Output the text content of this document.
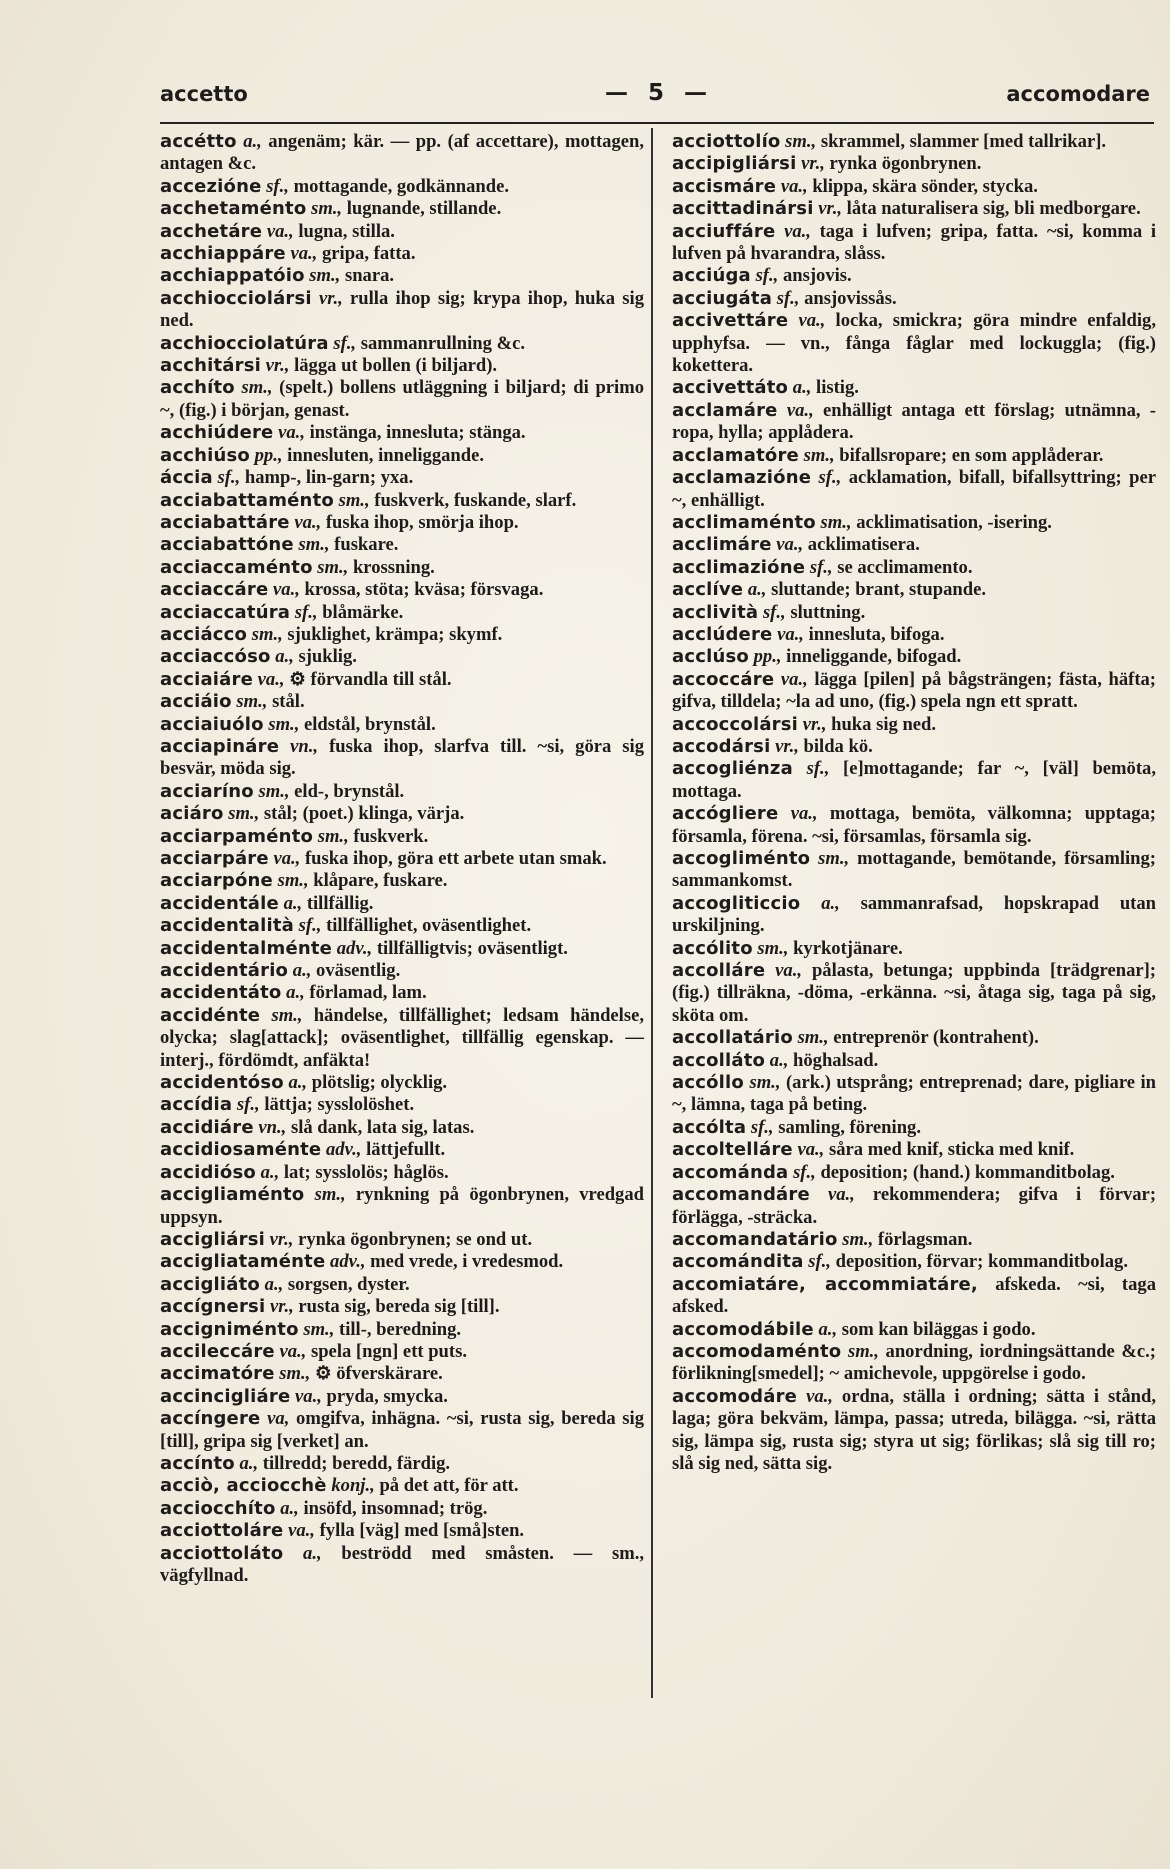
accetto	— 5 —	accomodare

accétto a., angenäm; kär. — pp. (af accettare), mottagen, antagen &c.

accezióne sf., mottagande, godkännande.

acchetaménto sm., lugnande, stillande.

acchetáre va., lugna, stilla.

acchiappáre va., gripa, fatta.

acchiappatóio sm., snara.

acchiocciolársi vr., rulla ihop sig; krypa ihop, huka sig ned.

acchiocciolatúra sf., sammanrullning &c.

acchitársi vr., lägga ut bollen (i biljard).

acchíto sm., (spelt.) bollens utläggning i biljard; di primo ~, (fig.) i början, genast.

acchiúdere va., instänga, innesluta; stänga.

acchiúso pp., innesluten, inneliggande.

áccia sf., hamp-, lin-garn; yxa.

acciabattaménto sm., fuskverk, fuskande, slarf.

acciabattáre va., fuska ihop, smörja ihop.

acciabattóne sm., fuskare.

acciaccaménto sm., krossning.

acciaccáre va., krossa, stöta; kväsa; försvaga.

acciaccatúra sf., blåmärke.

acciácco sm., sjuklighet, krämpa; skymf.

acciaccóso a., sjuklig.

acciaiáre va., ⚙ förvandla till stål.

acciáio sm., stål.

acciaiuólo sm., eldstål, brynstål.

acciapináre vn., fuska ihop, slarfva till. ~si, göra sig besvär, möda sig.

acciaríno sm., eld-, brynstål.

aciáro sm., stål; (poet.) klinga, värja.

acciarpaménto sm., fuskverk.

acciarpáre va., fuska ihop, göra ett arbete utan smak.

acciarpóne sm., klåpare, fuskare.

accidentále a., tillfällig.

accidentalità sf., tillfällighet, oväsentlighet.

accidentalménte adv., tillfälligtvis; oväsentligt.

accidentário a., oväsentlig.

accidentáto a., förlamad, lam.

accidénte sm., händelse, tillfällighet; ledsam händelse, olycka; slag[attack]; oväsentlighet, tillfällig egenskap. — interj., fördömdt, anfäkta!

accidentóso a., plötslig; olycklig.

accídia sf., lättja; sysslolöshet.

accidiáre vn., slå dank, lata sig, latas.

accidiosaménte adv., lättjefullt.

accidióso a., lat; sysslolös; håglös.

accigliaménto sm., rynkning på ögonbrynen, vredgad uppsyn.

accigliársi vr., rynka ögonbrynen; se ond ut.

accigliataménte adv., med vrede, i vredesmod.

accigliáto a., sorgsen, dyster.

accígnersi vr., rusta sig, bereda sig [till].

accigniménto sm., till-, beredning.

accileccáre va., spela [ngn] ett puts.

accimatóre sm., ⚙ öfverskärare.

accincigliáre va., pryda, smycka.

accíngere va, omgifva, inhägna. ~si, rusta sig, bereda sig [till], gripa sig [verket] an.

accínto a., tillredd; beredd, färdig.

acciò, acciocchè konj., på det att, för att.

acciocchíto a., insöfd, insomnad; trög.

acciottoláre va., fylla [väg] med [små]sten.

acciottoláto a., beströdd med småsten. — sm., vägfyllnad.

acciottolío sm., skrammel, slammer [med tallrikar].

accipigliársi vr., rynka ögonbrynen.

accismáre va., klippa, skära sönder, stycka.

accittadinársi vr., låta naturalisera sig, bli medborgare.

acciuffáre va., taga i lufven; gripa, fatta. ~si, komma i lufven på hvarandra, slåss.

acciúga sf., ansjovis.

acciugáta sf., ansjovissås.

accivettáre va., locka, smickra; göra mindre enfaldig, upphyfsa. — vn., fånga fåglar med lockuggla; (fig.) kokettera.

accivettáto a., listig.

acclamáre va., enhälligt antaga ett förslag; utnämna, -ropa, hylla; applådera.

acclamatóre sm., bifallsropare; en som applåderar.

acclamazióne sf., acklamation, bifall, bifallsyttring; per ~, enhälligt.

acclimaménto sm., acklimatisation, -isering.

acclimáre va., acklimatisera.

acclimazióne sf., se acclimamento.

acclíve a., sluttande; brant, stupande.

acclività sf., sluttning.

acclúdere va., innesluta, bifoga.

acclúso pp., inneliggande, bifogad.

accoccáre va., lägga [pilen] på bågsträngen; fästa, häfta; gifva, tilldela; ~la ad uno, (fig.) spela ngn ett spratt.

accoccolársi vr., huka sig ned.

accodársi vr., bilda kö.

accogliénza sf., [e]mottagande; far ~, [väl] bemöta, mottaga.

accógliere va., mottaga, bemöta, välkomna; upptaga; församla, förena. ~si, församlas, församla sig.

accogliménto sm., mottagande, bemötande, församling; sammankomst.

accogliticcio a., sammanrafsad, hopskrapad utan urskiljning.

accólito sm., kyrkotjänare.

accolláre va., pålasta, betunga; uppbinda [trädgrenar]; (fig.) tillräkna, -döma, -erkänna. ~si, åtaga sig, taga på sig, sköta om.

accollatário sm., entreprenör (kontrahent).

accolláto a., höghalsad.

accóllo sm., (ark.) utsprång; entreprenad; dare, pigliare in ~, lämna, taga på beting.

accólta sf., samling, förening.

accoltelláre va., såra med knif, sticka med knif.

accománda sf., deposition; (hand.) kommanditbolag.

accomandáre va., rekommendera; gifva i förvar; förlägga, -sträcka.

accomandatário sm., förlagsman.

accomándita sf., deposition, förvar; kommanditbolag.

accomiatáre, accommiatáre, afskeda. ~si, taga afsked.

accomodábile a., som kan biläggas i godo.

accomodaménto sm., anordning, iordningsättande &c.; förlikning[smedel]; ~ amichevole, uppgörelse i godo.

accomodáre va., ordna, ställa i ordning; sätta i stånd, laga; göra bekväm, lämpa, passa; utreda, bilägga. ~si, rätta sig, lämpa sig, rusta sig; styra ut sig; förlikas; slå sig till ro; slå sig ned, sätta sig.
